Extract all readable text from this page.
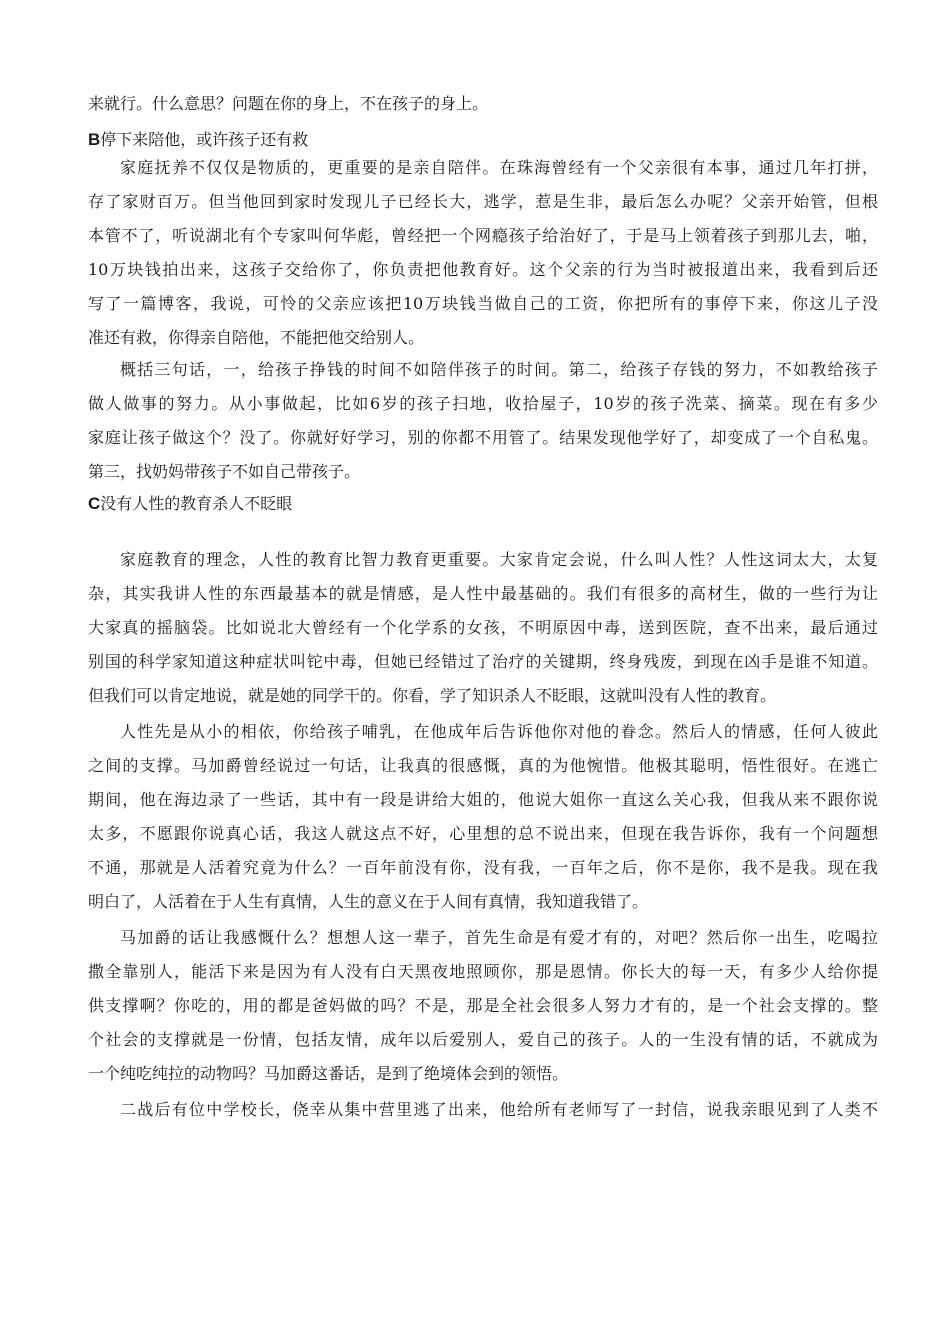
来就行。什么意思？问题在你的身上，不在孩子的身上。
B停下来陪他，或许孩子还有救
家庭抚养不仅仅是物质的，更重要的是亲自陪伴。在珠海曾经有一个父亲很有本事，通过几年打拼，
存了家财百万。但当他回到家时发现儿子已经长大，逃学，惹是生非，最后怎么办呢？父亲开始管，但根
本管不了，听说湖北有个专家叫何华彪，曾经把一个网瘾孩子给治好了，于是马上领着孩子到那儿去，啪，
10万块钱拍出来，这孩子交给你了，你负责把他教育好。这个父亲的行为当时被报道出来，我看到后还
写了一篇博客，我说，可怜的父亲应该把10万块钱当做自己的工资，你把所有的事停下来，你这儿子没
准还有救，你得亲自陪他，不能把他交给别人。
概括三句话，一，给孩子挣钱的时间不如陪伴孩子的时间。第二，给孩子存钱的努力，不如教给孩子
做人做事的努力。从小事做起，比如6岁的孩子扫地，收拾屋子，10岁的孩子洗菜、摘菜。现在有多少
家庭让孩子做这个？没了。你就好好学习，别的你都不用管了。结果发现他学好了，却变成了一个自私鬼。
第三，找奶妈带孩子不如自己带孩子。
C没有人性的教育杀人不眨眼
家庭教育的理念，人性的教育比智力教育更重要。大家肯定会说，什么叫人性？人性这词太大，太复
杂，其实我讲人性的东西最基本的就是情感，是人性中最基础的。我们有很多的高材生，做的一些行为让
大家真的摇脑袋。比如说北大曾经有一个化学系的女孩，不明原因中毒，送到医院，查不出来，最后通过
别国的科学家知道这种症状叫铊中毒，但她已经错过了治疗的关键期，终身残废，到现在凶手是谁不知道。
但我们可以肯定地说，就是她的同学干的。你看，学了知识杀人不眨眼，这就叫没有人性的教育。
人性先是从小的相依，你给孩子哺乳，在他成年后告诉他你对他的眷念。然后人的情感，任何人彼此
之间的支撑。马加爵曾经说过一句话，让我真的很感慨，真的为他惋惜。他极其聪明，悟性很好。在逃亡
期间，他在海边录了一些话，其中有一段是讲给大姐的，他说大姐你一直这么关心我，但我从来不跟你说
太多，不愿跟你说真心话，我这人就这点不好，心里想的总不说出来，但现在我告诉你，我有一个问题想
不通，那就是人活着究竟为什么？一百年前没有你，没有我，一百年之后，你不是你，我不是我。现在我
明白了，人活着在于人生有真情，人生的意义在于人间有真情，我知道我错了。
马加爵的话让我感慨什么？想想人这一辈子，首先生命是有爱才有的，对吧？然后你一出生，吃喝拉
撒全靠别人，能活下来是因为有人没有白天黑夜地照顾你，那是恩情。你长大的每一天，有多少人给你提
供支撑啊？你吃的，用的都是爸妈做的吗？不是，那是全社会很多人努力才有的，是一个社会支撑的。整
个社会的支撑就是一份情，包括友情，成年以后爱别人，爱自己的孩子。人的一生没有情的话，不就成为
一个纯吃纯拉的动物吗？马加爵这番话，是到了绝境体会到的领悟。
二战后有位中学校长，侥幸从集中营里逃了出来，他给所有老师写了一封信，说我亲眼见到了人类不
